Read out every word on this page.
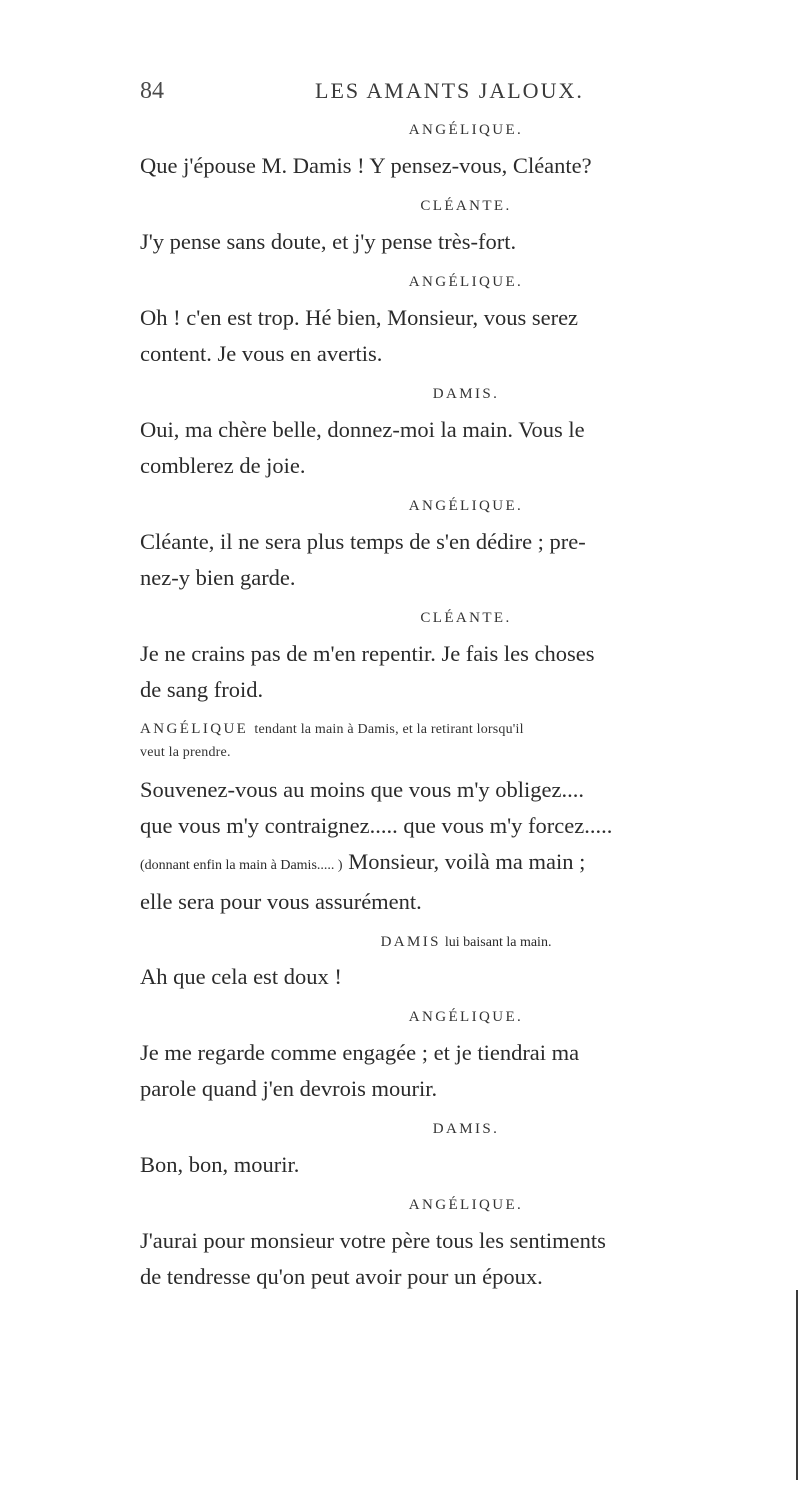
84	LES AMANTS JALOUX.
ANGÉLIQUE.
Que j'épouse M. Damis ! Y pensez-vous, Cléante?
CLÉANTE.
J'y pense sans doute, et j'y pense très-fort.
ANGÉLIQUE.
Oh ! c'en est trop. Hé bien, Monsieur, vous serez
content. Je vous en avertis.
DAMIS.
Oui, ma chère belle, donnez-moi la main. Vous le
comblerez de joie.
ANGÉLIQUE.
Cléante, il ne sera plus temps de s'en dédire ; pre-
nez-y bien garde.
CLÉANTE.
Je ne crains pas de m'en repentir. Je fais les choses
de sang froid.
ANGÉLIQUE tendant la main à Damis, et la retirant lorsqu'il
veut la prendre.
Souvenez-vous au moins que vous m'y obligez....
que vous m'y contraignez..... que vous m'y forcez.....
(donnant enfin la main à Damis..... ) Monsieur, voilà ma main ;
elle sera pour vous assurément.
DAMIS lui baisant la main.
Ah que cela est doux !
ANGÉLIQUE.
Je me regarde comme engagée ; et je tiendrai ma
parole quand j'en devrois mourir.
DAMIS.
Bon, bon, mourir.
ANGÉLIQUE.
J'aurai pour monsieur votre père tous les sentiments
de tendresse qu'on peut avoir pour un époux.
